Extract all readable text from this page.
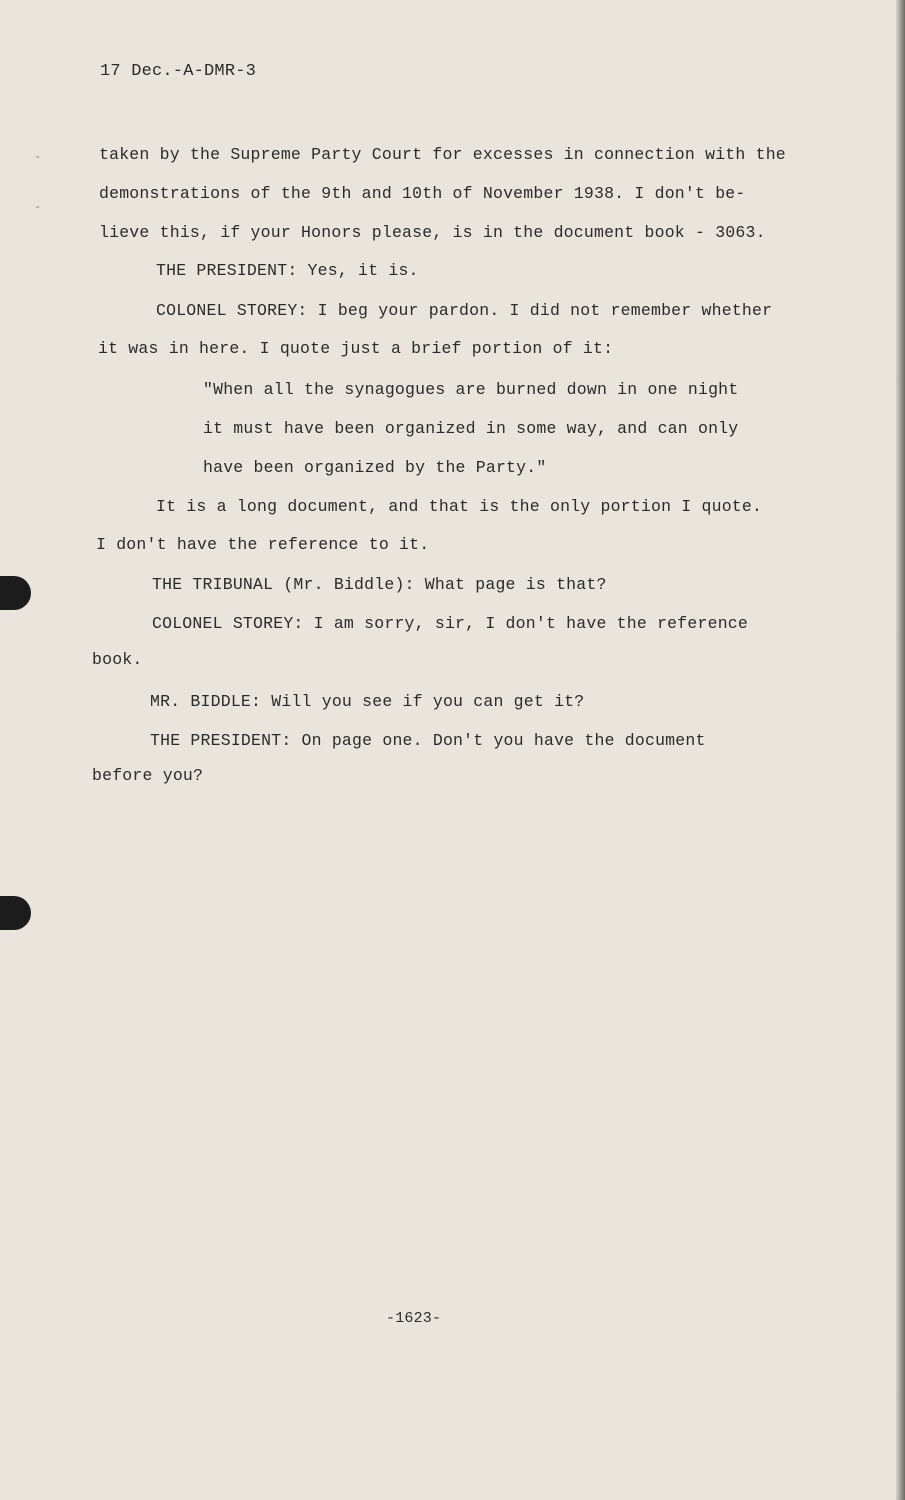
-
-
17 Dec.-A-DMR-3
taken by the Supreme Party Court for excesses in connection with the
demonstrations of the 9th and 10th of November 1938. I don't be-
lieve this, if your Honors please, is in the document book - 3063.
THE PRESIDENT: Yes, it is.
COLONEL STOREY: I beg your pardon. I did not remember whether
it was in here. I quote just a brief portion of it:
"When all the synagogues are burned down in one night
it must have been organized in some way, and can only
have been organized by the Party."
It is a long document, and that is the only portion I quote.
I don't have the reference to it.
THE TRIBUNAL (Mr. Biddle): What page is that?
COLONEL STOREY: I am sorry, sir, I don't have the reference
book.
MR. BIDDLE: Will you see if you can get it?
THE PRESIDENT: On page one. Don't you have the document
before you?
-1623-
